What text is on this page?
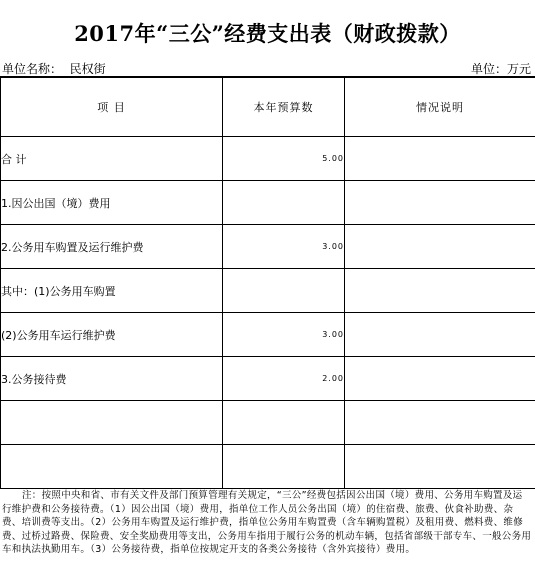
2017年“三公”经费支出表（财政拨款）
单位名称： 民权街	单位：万元
项 目	本年预算数	情况说明
合 计	5.00	
1.因公出国（境）费用		
2.公务用车购置及运行维护费	3.00	
其中：(1)公务用车购置		
(2)公务用车运行维护费	3.00	
3.公务接待费	2.00	

注：按照中央和省、市有关文件及部门预算管理有关规定，“三公”经费包括因公出国（境）费用、公务用车购置及运行维护费和公务接待费。（1）因公出国（境）费用，指单位工作人员公务出国（境）的住宿费、旅费、伙食补助费、杂费、培训费等支出。（2）公务用车购置及运行维护费，指单位公务用车购置费（含车辆购置税）及租用费、燃料费、维修费、过桥过路费、保险费、安全奖励费用等支出，公务用车指用于履行公务的机动车辆，包括省部级干部专车、一般公务用车和执法执勤用车。（3）公务接待费，指单位按规定开支的各类公务接待（含外宾接待）费用。
